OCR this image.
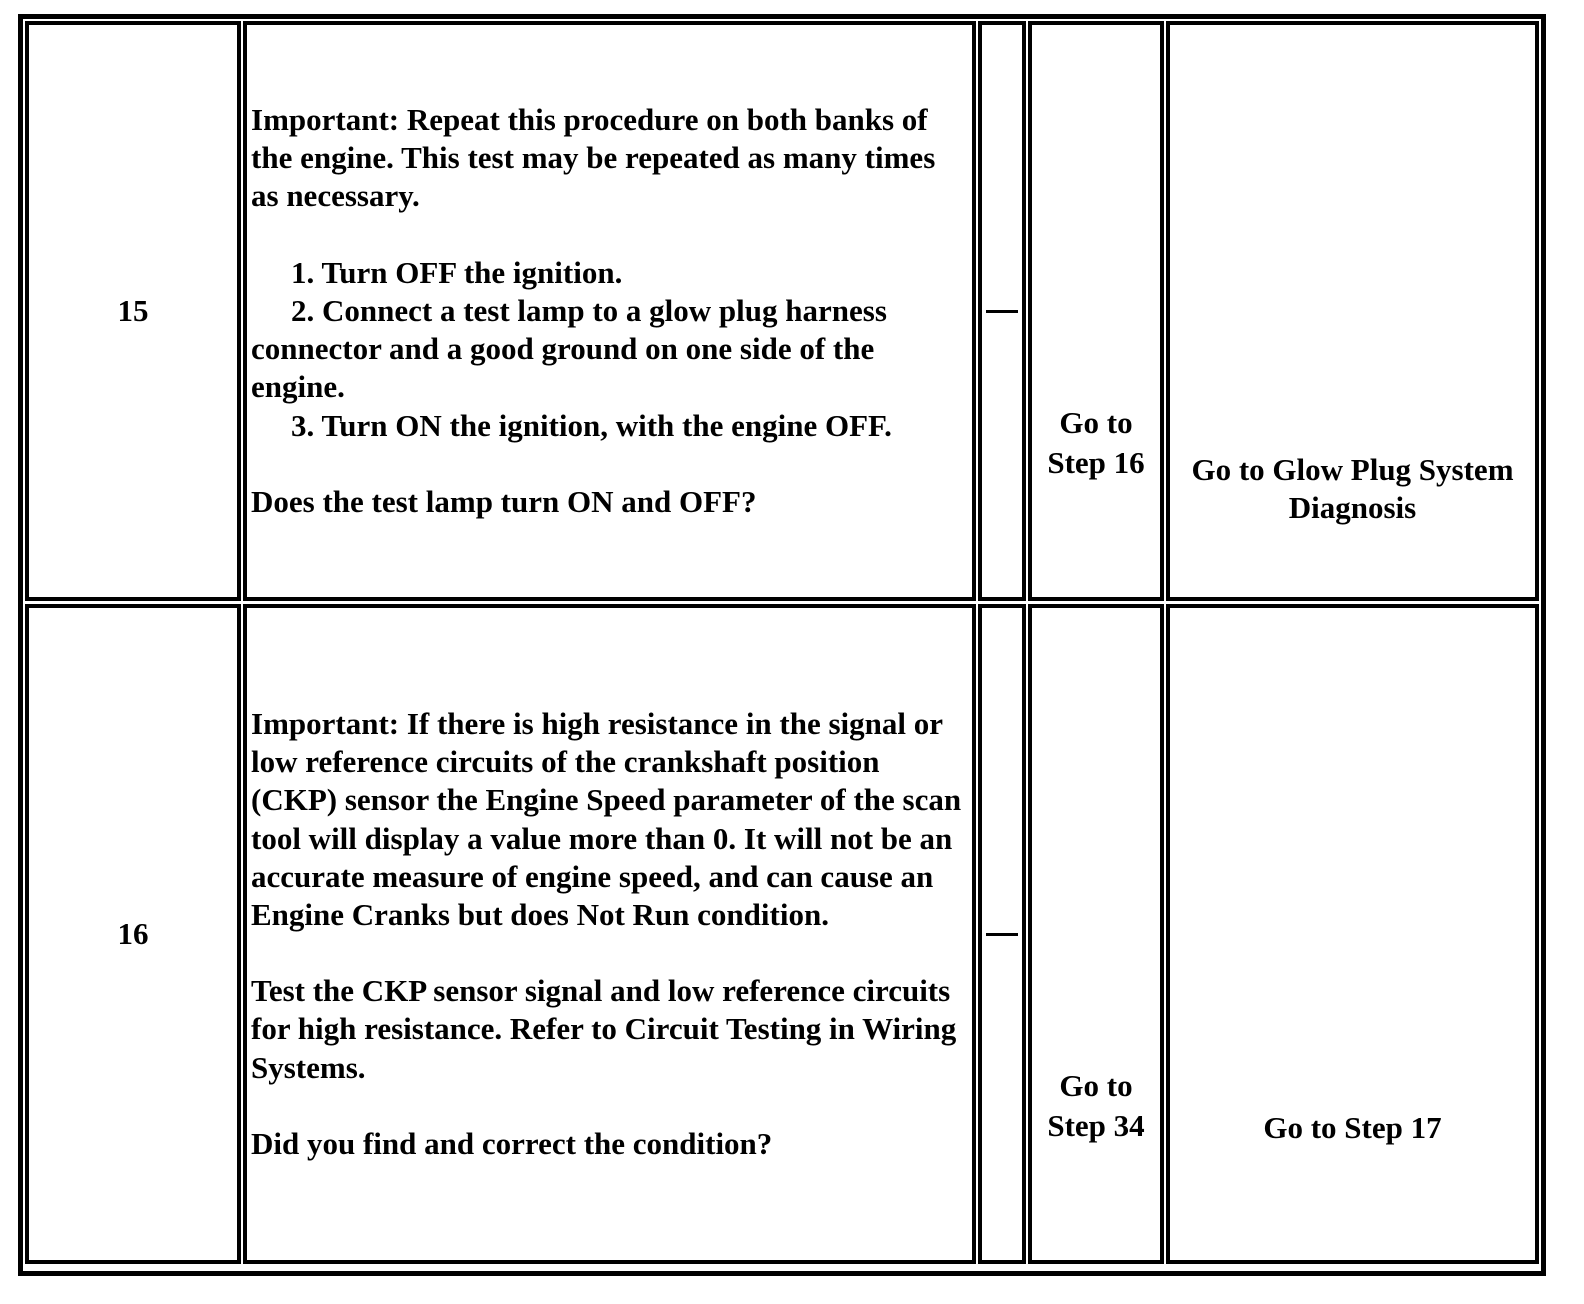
15

Important: Repeat this procedure on both banks of the engine. This test may be repeated as many times as necessary.

1. Turn OFF the ignition.

2. Connect a test lamp to a glow plug harness connector and a good ground on one side of the engine.

3. Turn ON the ignition, with the engine OFF.

Does the test lamp turn ON and OFF?

Go to
Step 16 Go to Glow Plug System
Diagnosis
16

Important: If there is high resistance in the signal or low reference circuits of the crankshaft position (CKP) sensor the Engine Speed parameter of the scan tool will display a value more than 0. It will not be an accurate measure of engine speed, and can cause an Engine Cranks but does Not Run condition.

Test the CKP sensor signal and low reference circuits for high resistance. Refer to Circuit Testing in Wiring Systems.

Did you find and correct the condition?

Go to
Step 34	Go to Step 17
